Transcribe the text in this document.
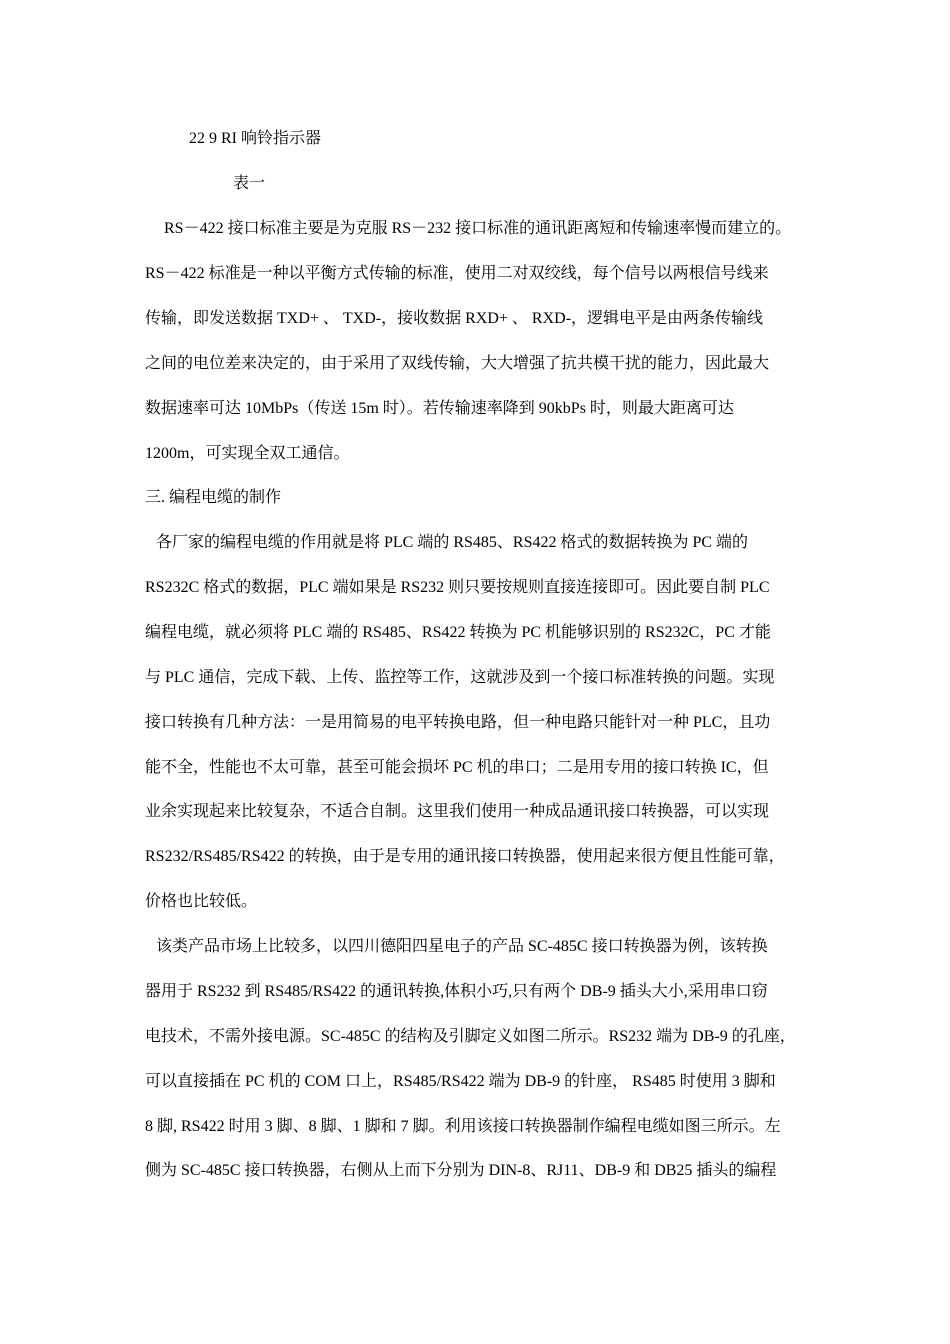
22 9 RI 响铃指示器
表一
RS－422 接口标准主要是为克服 RS－232 接口标准的通讯距离短和传输速率慢而建立的。
RS－422 标准是一种以平衡方式传输的标准，使用二对双绞线，每个信号以两根信号线来
传输，即发送数据 TXD+ 、 TXD-，接收数据 RXD+ 、 RXD-，逻辑电平是由两条传输线
之间的电位差来决定的，由于采用了双线传输，大大增强了抗共模干扰的能力，因此最大
数据速率可达 10MbPs（传送 15m 时）。若传输速率降到 90kbPs 时，则最大距离可达
1200m，可实现全双工通信。
三. 编程电缆的制作
各厂家的编程电缆的作用就是将 PLC 端的 RS485、RS422 格式的数据转换为 PC 端的
RS232C 格式的数据，PLC 端如果是 RS232 则只要按规则直接连接即可。因此要自制 PLC
编程电缆，就必须将 PLC 端的 RS485、RS422 转换为 PC 机能够识别的 RS232C，PC 才能
与 PLC 通信，完成下载、上传、监控等工作，这就涉及到一个接口标准转换的问题。实现
接口转换有几种方法：一是用简易的电平转换电路，但一种电路只能针对一种 PLC，且功
能不全，性能也不太可靠，甚至可能会损坏 PC 机的串口；二是用专用的接口转换 IC，但
业余实现起来比较复杂，不适合自制。这里我们使用一种成品通讯接口转换器，可以实现
RS232/RS485/RS422 的转换，由于是专用的通讯接口转换器，使用起来很方便且性能可靠，
价格也比较低。
该类产品市场上比较多，以四川德阳四星电子的产品 SC-485C 接口转换器为例，该转换
器用于 RS232 到 RS485/RS422 的通讯转换,体积小巧,只有两个 DB-9 插头大小,采用串口窃
电技术，不需外接电源。SC-485C 的结构及引脚定义如图二所示。RS232 端为 DB-9 的孔座，
可以直接插在 PC 机的 COM 口上，RS485/RS422 端为 DB-9 的针座， RS485 时使用 3 脚和
8 脚, RS422 时用 3 脚、8 脚、1 脚和 7 脚。利用该接口转换器制作编程电缆如图三所示。左
侧为 SC-485C 接口转换器，右侧从上而下分别为 DIN-8、RJ11、DB-9 和 DB25 插头的编程
